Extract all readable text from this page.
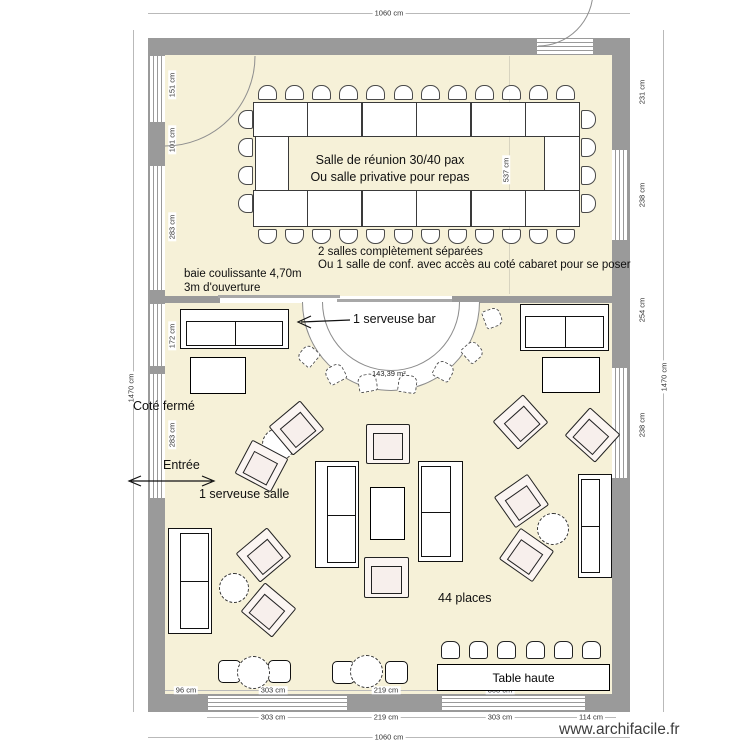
1060 cm
1470 cm	1470 cm
537 cm
151 cm
101 cm
283 cm
172 cm
283 cm
231 cm
238 cm
254 cm
238 cm
96 cm	303 cm	219 cm
303 cm	219 cm	303 cm	114 cm
1060 cm
Table haute
Salle de réunion 30/40 pax
Ou salle privative pour repas
2 salles complètement séparées
Ou 1 salle de conf. avec accès au coté cabaret pour se poser
baie coulissante 4,70m
3m d'ouverture
1 serveuse bar
143,39 m²
Coté fermé
Entrée
1 serveuse salle
44 places
www.archifacile.fr
